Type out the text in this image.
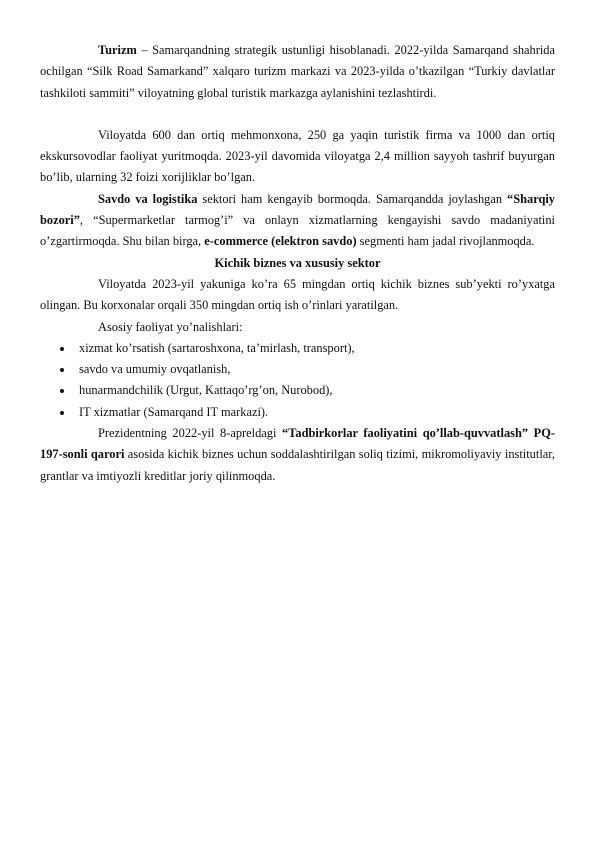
Turizm – Samarqandning strategik ustunligi hisoblanadi. 2022-yilda Samarqand shahrida ochilgan “Silk Road Samarkand” xalqaro turizm markazi va 2023-yilda o’tkazilgan “Turkiy davlatlar tashkiloti sammiti” viloyatning global turistik markazga aylanishini tezlashtirdi.

Viloyatda 600 dan ortiq mehmonxona, 250 ga yaqin turistik firma va 1000 dan ortiq ekskursovodlar faoliyat yuritmoqda. 2023-yil davomida viloyatga 2,4 million sayyoh tashrif buyurgan bo’lib, ularning 32 foizi xorijliklar bo’lgan.

Savdo va logistika sektori ham kengayib bormoqda. Samarqandda joylashgan “Sharqiy bozori”, “Supermarketlar tarmog’i” va onlayn xizmatlarning kengayishi savdo madaniyatini o’zgartirmoqda. Shu bilan birga, e-commerce (elektron savdo) segmenti ham jadal rivojlanmoqda.

Kichik biznes va xususiy sektor

Viloyatda 2023-yil yakuniga ko’ra 65 mingdan ortiq kichik biznes sub’yekti ro’yxatga olingan. Bu korxonalar orqali 350 mingdan ortiq ish o’rinlari yaratilgan.

Asosiy faoliyat yo’nalishlari:

xizmat ko’rsatish (sartaroshxona, ta’mirlash, transport),
savdo va umumiy ovqatlanish,
hunarmandchilik (Urgut, Kattaqo’rg’on, Nurobod),
IT xizmatlar (Samarqand IT markazi).

Prezidentning 2022-yil 8-apreldagi “Tadbirkorlar faoliyatini qo’llab-quvvatlash” PQ-197-sonli qarori asosida kichik biznes uchun soddalashtirilgan soliq tizimi, mikromoliyaviy institutlar, grantlar va imtiyozli kreditlar joriy qilinmoqda.
